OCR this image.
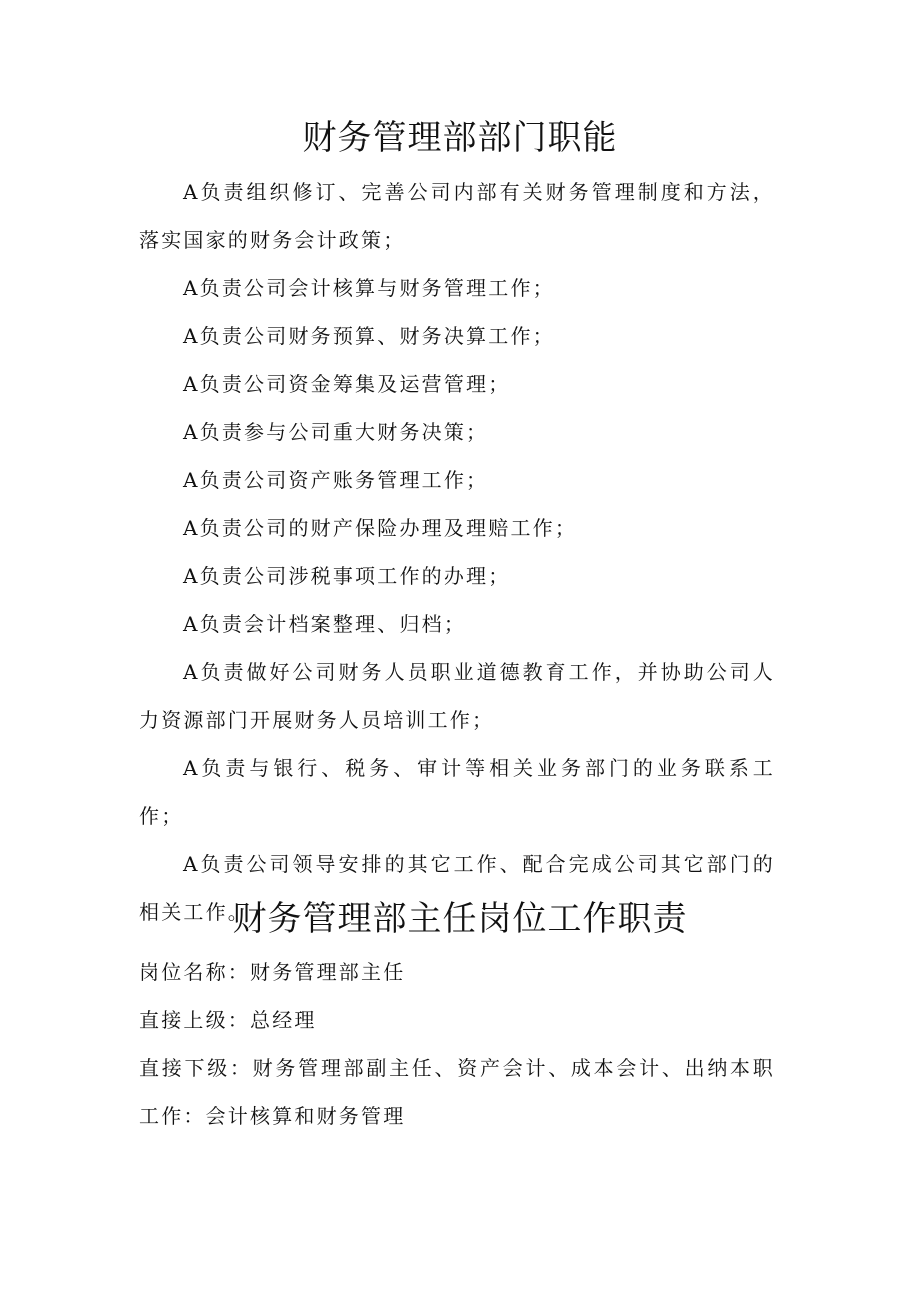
财务管理部部门职能

A负责组织修订、完善公司内部有关财务管理制度和方法，落实国家的财务会计政策；

A负责公司会计核算与财务管理工作；

A负责公司财务预算、财务决算工作；

A负责公司资金筹集及运营管理；

A负责参与公司重大财务决策；

A负责公司资产账务管理工作；

A负责公司的财产保险办理及理赔工作；

A负责公司涉税事项工作的办理；

A负责会计档案整理、归档；

A负责做好公司财务人员职业道德教育工作，并协助公司人力资源部门开展财务人员培训工作；

A负责与银行、税务、审计等相关业务部门的业务联系工作；

A负责公司领导安排的其它工作、配合完成公司其它部门的相关工作。

财务管理部主任岗位工作职责

岗位名称：财务管理部主任

直接上级：总经理

直接下级：财务管理部副主任、资产会计、成本会计、出纳本职工作：会计核算和财务管理
